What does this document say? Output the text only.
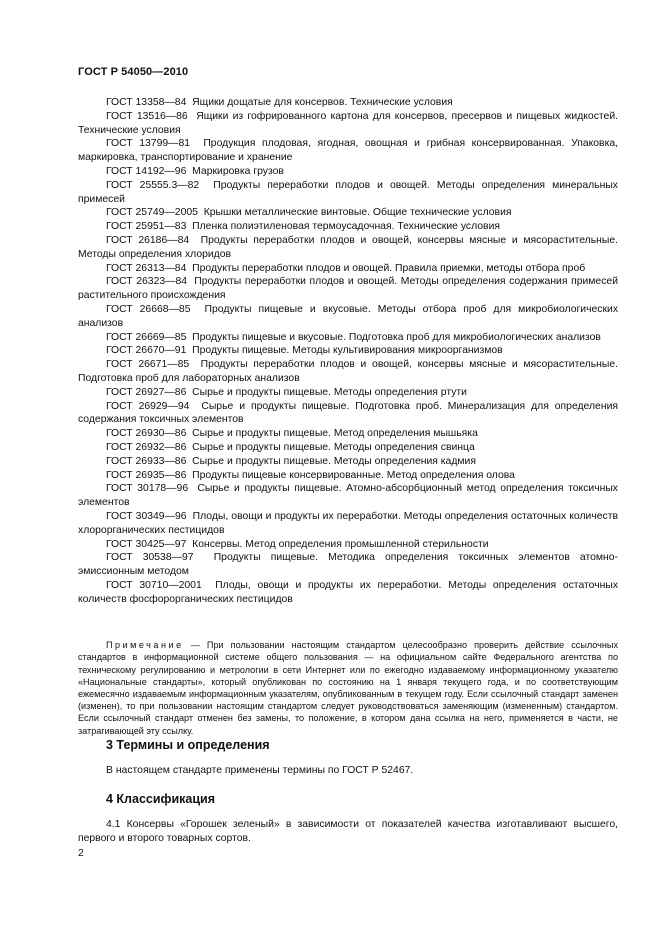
ГОСТ Р 54050—2010

ГОСТ 13358—84 Ящики дощатые для консервов. Технические условия

ГОСТ 13516—86 Ящики из гофрированного картона для консервов, пресервов и пищевых жидкостей. Технические условия

ГОСТ 13799—81 Продукция плодовая, ягодная, овощная и грибная консервированная. Упаковка, маркировка, транспортирование и хранение

ГОСТ 14192—96 Маркировка грузов

ГОСТ 25555.3—82 Продукты переработки плодов и овощей. Методы определения минеральных примесей

ГОСТ 25749—2005 Крышки металлические винтовые. Общие технические условия

ГОСТ 25951—83 Пленка полиэтиленовая термоусадочная. Технические условия

ГОСТ 26186—84 Продукты переработки плодов и овощей, консервы мясные и мясорастительные. Методы определения хлоридов

ГОСТ 26313—84 Продукты переработки плодов и овощей. Правила приемки, методы отбора проб

ГОСТ 26323—84 Продукты переработки плодов и овощей. Методы определения содержания примесей растительного происхождения

ГОСТ 26668—85 Продукты пищевые и вкусовые. Методы отбора проб для микробиологических анализов

ГОСТ 26669—85 Продукты пищевые и вкусовые. Подготовка проб для микробиологических анализов

ГОСТ 26670—91 Продукты пищевые. Методы культивирования микроорганизмов

ГОСТ 26671—85 Продукты переработки плодов и овощей, консервы мясные и мясорастительные. Подготовка проб для лабораторных анализов

ГОСТ 26927—86 Сырье и продукты пищевые. Методы определения ртути

ГОСТ 26929—94 Сырье и продукты пищевые. Подготовка проб. Минерализация для определения содержания токсичных элементов

ГОСТ 26930—86 Сырье и продукты пищевые. Метод определения мышьяка

ГОСТ 26932—86 Сырье и продукты пищевые. Методы определения свинца

ГОСТ 26933—86 Сырье и продукты пищевые. Методы определения кадмия

ГОСТ 26935—86 Продукты пищевые консервированные. Метод определения олова

ГОСТ 30178—96 Сырье и продукты пищевые. Атомно-абсорбционный метод определения токсичных элементов

ГОСТ 30349—96 Плоды, овощи и продукты их переработки. Методы определения остаточных количеств хлорорганических пестицидов

ГОСТ 30425—97 Консервы. Метод определения промышленной стерильности

ГОСТ 30538—97 Продукты пищевые. Методика определения токсичных элементов атомно-эмиссионным методом

ГОСТ 30710—2001 Плоды, овощи и продукты их переработки. Методы определения остаточных количеств фосфорорганических пестицидов

Примечание — При пользовании настоящим стандартом целесообразно проверить действие ссылочных стандартов в информационной системе общего пользования — на официальном сайте Федерального агентства по техническому регулированию и метрологии в сети Интернет или по ежегодно издаваемому информационному указателю «Национальные стандарты», который опубликован по состоянию на 1 января текущего года, и по соответствующим ежемесячно издаваемым информационным указателям, опубликованным в текущем году. Если ссылочный стандарт заменен (изменен), то при пользовании настоящим стандартом следует руководствоваться заменяющим (измененным) стандартом. Если ссылочный стандарт отменен без замены, то положение, в котором дана ссылка на него, применяется в части, не затрагивающей эту ссылку.

3 Термины и определения

В настоящем стандарте применены термины по ГОСТ Р 52467.

4 Классификация

4.1 Консервы «Горошек зеленый» в зависимости от показателей качества изготавливают высшего, первого и второго товарных сортов.

2
